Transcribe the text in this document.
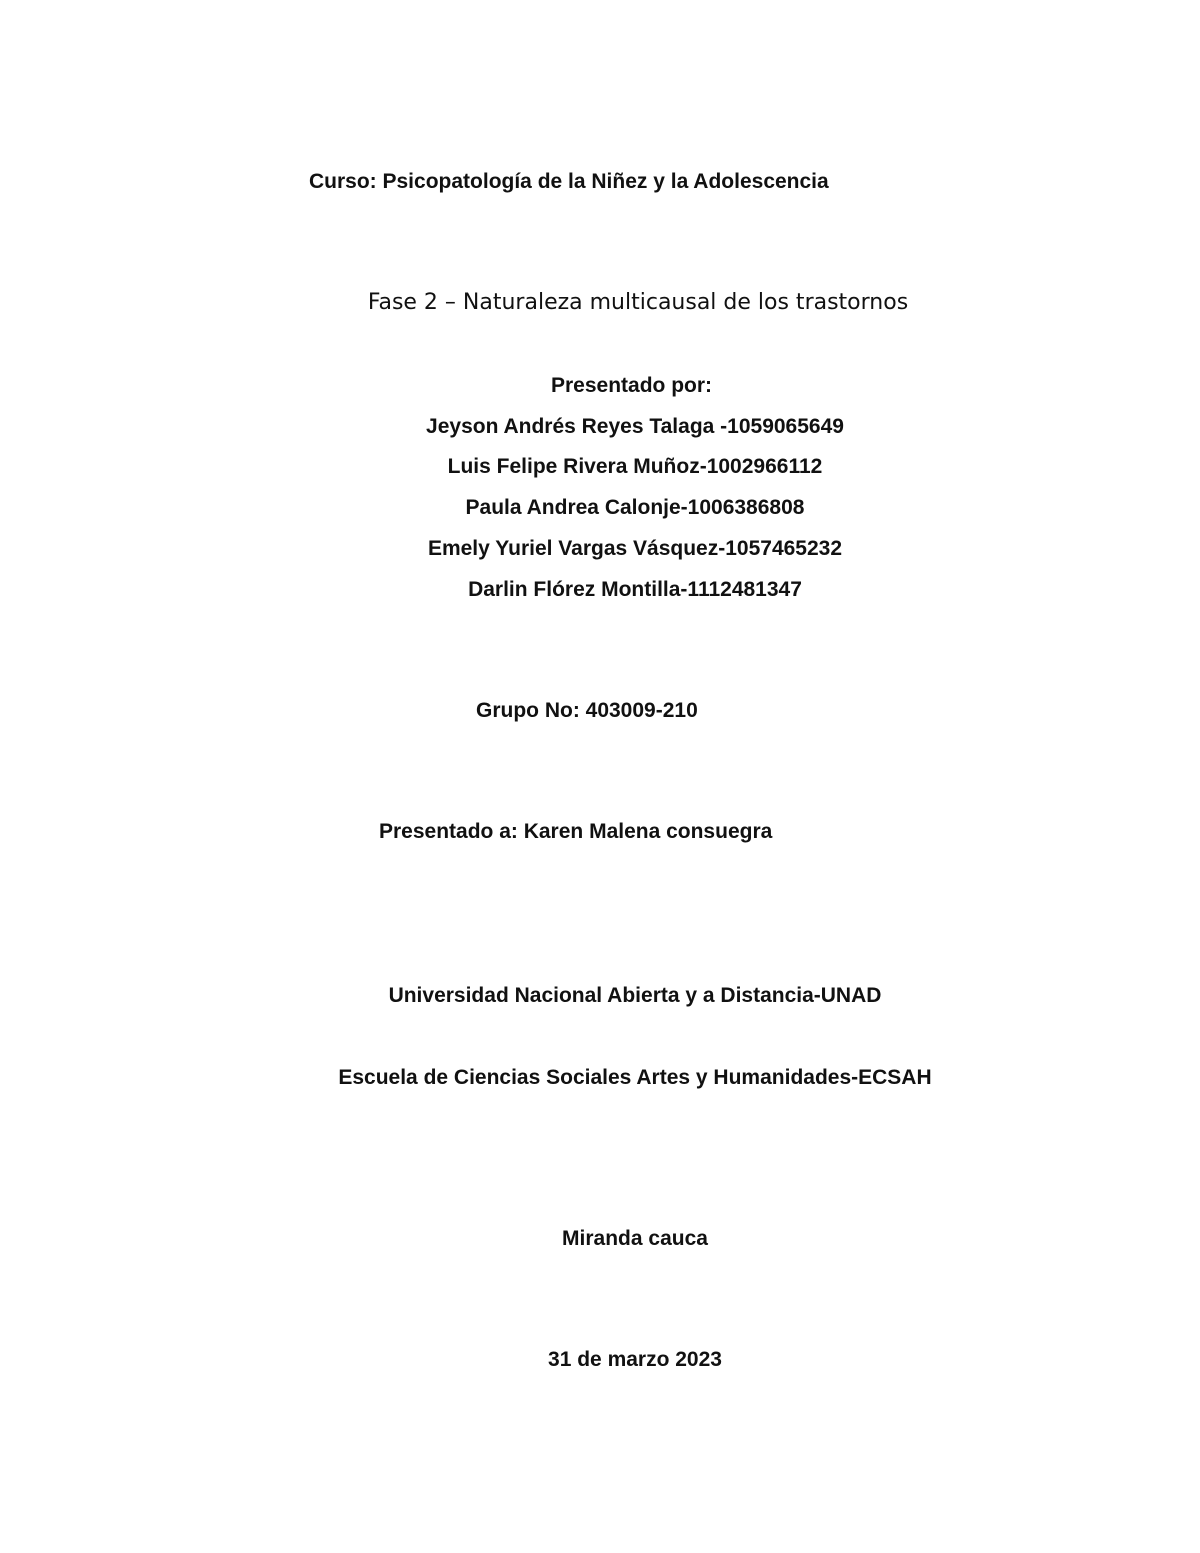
Curso: Psicopatología de la Niñez y la Adolescencia
Fase 2 – Naturaleza multicausal de los trastornos
Presentado por:
Jeyson Andrés Reyes Talaga -1059065649
Luis Felipe Rivera Muñoz-1002966112
Paula Andrea Calonje-1006386808
Emely Yuriel Vargas Vásquez-1057465232
Darlin Flórez Montilla-1112481347
Grupo No: 403009-210
Presentado a: Karen Malena consuegra
Universidad Nacional Abierta y a Distancia-UNAD
Escuela de Ciencias Sociales Artes y Humanidades-ECSAH
Miranda cauca
31 de marzo 2023
